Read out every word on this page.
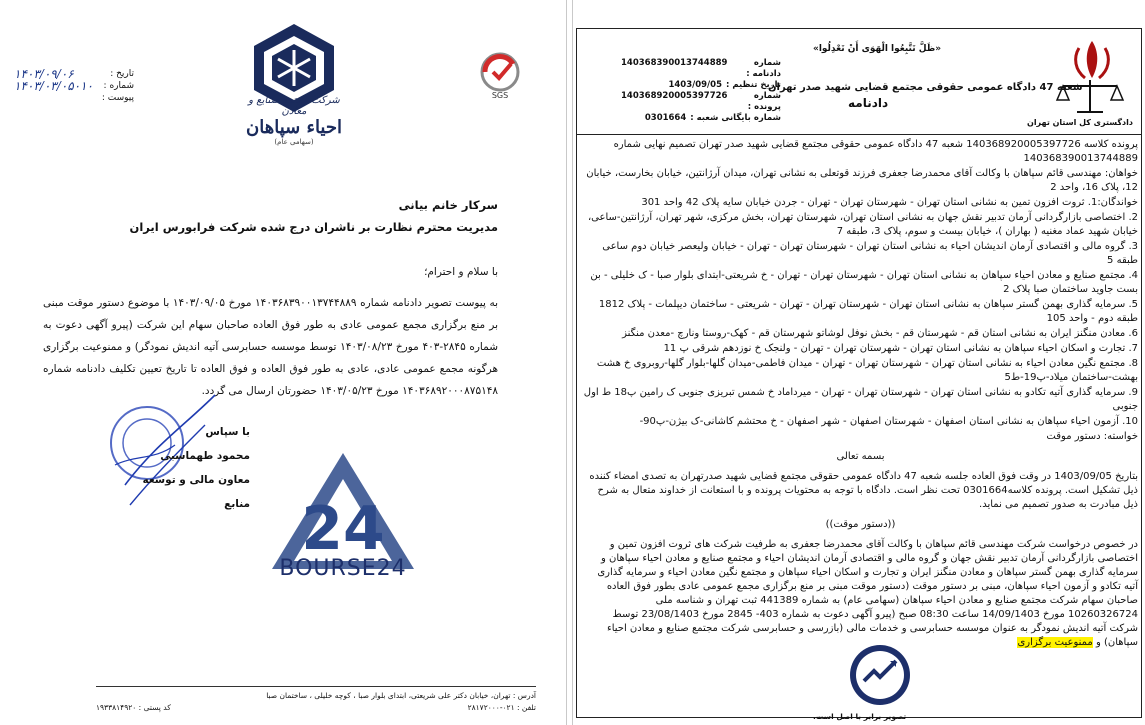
تاریخ :
۱۴۰۳/۰۹/۰۶
شماره :
۱۴۰۳/۰۳/۰۵۰۱۰
پیوست :	SGS
شرکت مجتمع صنایع و معادن
احیاء سپاهان
(سهامی عام)
سرکار خانم بیانی
مدیریت محترم نظارت بر ناشران درج شده شرکت فرابورس ایران
با سلام و احترام؛
به پیوست تصویر دادنامه شماره ۱۴۰۳۶۸۳۹۰۰۱۳۷۴۴۸۸۹ مورخ ۱۴۰۳/۰۹/۰۵ با موضوع دستور موقت مبنی بر منع برگزاری مجمع عمومی عادی به طور فوق العاده صاحبان سهام این شرکت (پیرو آگهی دعوت به شماره ۲۸۴۵-۴۰۳ مورخ ۱۴۰۳/۰۸/۲۳ توسط موسسه حسابرسی آتیه اندیش نمودگر) و ممنوعیت برگزاری هرگونه مجمع عمومی عادی، عادی به طور فوق العاده و فوق العاده تا تاریخ تعیین تکلیف دادنامه شماره ۱۴۰۳۶۸۹۲۰۰۰۸۷۵۱۴۸ مورخ ۱۴۰۳/۰۵/۲۳ حضورتان ارسال می گردد.
با سپاس
محمود طهماسبی
معاون مالی و توسعه منابع 24
BOURSE24
آدرس : تهران، خیابان دکتر علی شریعتی، ابتدای بلوار صبا ، کوچه خلیلی ، ساختمان صبا
تلفن : ۰۲۱-۲۸۱۷۲۰۰۰
کد پستی : ۱۹۳۳۸۱۴۹۲۰
دادگستری کل استان تهران
«ظَلَّ تَتَّبِعُوا الْهَوَى أَنْ تَعْدِلُوا»
شعبه 47 دادگاه عمومی حقوقی مجتمع قضایی شهید صدر تهران
دادنامه
شماره دادنامه :
140368390013744889
تاریخ تنظیم :
1403/09/05
شماره پرونده :
140368920005397726
شماره بایگانی شعبه :
0301664

پرونده کلاسه 140368920005397726 شعبه 47 دادگاه عمومی حقوقی مجتمع قضایی شهید صدر تهران تصمیم نهایی شماره 140368390013744889

خواهان: مهندسی قائم سپاهان با وکالت آقای محمدرضا جعفری فرزند قوتعلی به نشانی تهران، میدان آرژانتین، خیابان بخارست، خیابان 12، پلاک 16، واحد 2

خواندگان:1. ثروت افزون تمین به نشانی استان تهران - شهرستان تهران - تهران - جردن خیابان سایه پلاک 42 واحد 301

2. اختصاصی بازارگردانی آرمان تدبیر نقش جهان به نشانی استان تهران، شهرستان تهران، بخش مرکزی، شهر تهران، آرژانتین-ساعی، خیابان شهید عماد مغنیه ( بهاران )، خیابان بیست و سوم، پلاک 3، طبقه 7

3. گروه مالی و اقتصادی آرمان اندیشان احیاء به نشانی استان تهران - شهرستان تهران - تهران - خیابان ولیعصر خیابان دوم ساعی طبقه 5

4. مجتمع صنایع و معادن احیاء سپاهان به نشانی استان تهران - شهرستان تهران - تهران - خ شریعتی-ابتدای بلوار صبا - ک خلیلی - بن بست جاوید ساختمان صبا پلاک 2

5. سرمایه گذاری بهمن گستر سپاهان به نشانی استان تهران - شهرستان تهران - تهران - شریعتی - ساختمان دیپلمات - پلاک 1812 طبقه دوم - واحد 105

6. معادن منگنز ایران به نشانی استان قم - شهرستان قم - بخش نوفل لوشاتو شهرستان قم - کهک-روستا ونارچ -معدن منگنز

7. تجارت و اسکان احیاء سپاهان به نشانی استان تهران - شهرستان تهران - تهران - ولنجک خ نوزدهم شرقی پ 11

8. مجتمع نگین معادن احیاء به نشانی استان تهران - شهرستان تهران - تهران - میدان فاطمی-میدان گلها-بلوار گلها-روبروی خ هشت بهشت-ساختمان میلاد-پ19-ط5

9. سرمایه گذاری آتیه تکادو به نشانی استان تهران - شهرستان تهران - تهران - میرداماد خ شمس تبریزی جنوبی ک رامین پ18 ط اول جنوبی

10. آزمون احیاء سپاهان به نشانی استان اصفهان - شهرستان اصفهان - شهر اصفهان - خ محتشم کاشانی-ک بیژن-پ90-

خواسته: دستور موقت

بسمه تعالی

بتاریخ 1403/09/05 در وقت فوق العاده جلسه شعبه 47 دادگاه عمومی حقوقی مجتمع قضایی شهید صدرتهران به تصدی امضاء کننده ذیل تشکیل است. پرونده کلاسه0301664 تحت نظر است. دادگاه با توجه به محتویات پرونده و با استعانت از خداوند متعال به شرح ذیل مبادرت به صدور تصمیم می نماید.

((دستور موقت))

در خصوص درخواست شرکت مهندسی قائم سپاهان با وکالت آقای محمدرضا جعفری به طرفیت شرکت های ثروت افزون تمین و اختصاصی بازارگردانی آرمان تدبیر نقش جهان و گروه مالی و اقتصادی آرمان اندیشان احیاء و مجتمع صنایع و معادن احیاء سپاهان و سرمایه گذاری بهمن گستر سپاهان و معادن منگنز ایران و تجارت و اسکان احیاء سپاهان و مجتمع نگین معادن احیاء و سرمایه گذاری آتیه تکادو و آزمون احیاء سپاهان، مبنی بر دستور موقت (دستور موقت مبنی بر منع برگزاری مجمع عمومی عادی بطور فوق العاده صاحبان سهام شرکت مجتمع صنایع و معادن احیاء سپاهان (سهامی عام) به شماره 441389 ثبت تهران و شناسه ملی 10260326724 مورخ 14/09/1403 ساعت 08:30 صبح (پیرو آگهی دعوت به شماره 403- 2845 مورخ 23/08/1403 توسط شرکت آتیه اندیش نمودگر به عنوان موسسه حسابرسی و خدمات مالی (بازرسی و حسابرسی شرکت مجتمع صنایع و معادن احیاء سپاهان) و ممنوعیت برگزاری

تصویر برابر با اصل است.
